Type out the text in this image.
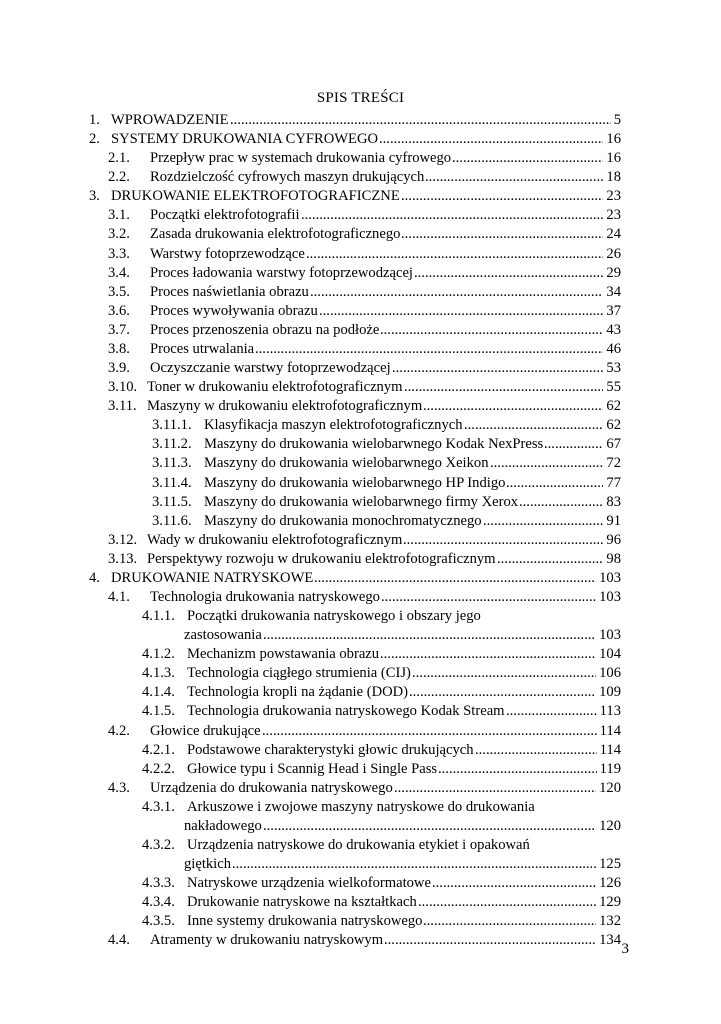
SPIS TREŚCI
1. WPROWADZENIE .....	5
2. SYSTEMY DRUKOWANIA CYFROWEGO .....	16
2.1. Przepływ prac w systemach drukowania cyfrowego .....	16
2.2. Rozdzielczość cyfrowych maszyn drukujących .....	18
3. DRUKOWANIE ELEKTROFOTOGRAFICZNE .....	23
3.1. Początki elektrofotografii .....	23
3.2. Zasada drukowania elektrofotograficznego .....	24
3.3. Warstwy fotoprzewodzące .....	26
3.4. Proces ładowania warstwy fotoprzewodzącej .....	29
3.5. Proces naświetlania obrazu .....	34
3.6. Proces wywoływania obrazu .....	37
3.7. Proces przenoszenia obrazu na podłoże .....	43
3.8. Proces utrwalania .....	46
3.9. Oczyszczanie warstwy fotoprzewodzącej .....	53
3.10. Toner w drukowaniu elektrofotograficznym .....	55
3.11. Maszyny w drukowaniu elektrofotograficznym .....	62
3.11.1. Klasyfikacja maszyn elektrofotograficznych .....	62
3.11.2. Maszyny do drukowania wielobarwnego Kodak NexPress .....	67
3.11.3. Maszyny do drukowania wielobarwnego Xeikon .....	72
3.11.4. Maszyny do drukowania wielobarwnego HP Indigo .....	77
3.11.5. Maszyny do drukowania wielobarwnego firmy Xerox .....	83
3.11.6. Maszyny do drukowania monochromatycznego .....	91
3.12. Wady w drukowaniu elektrofotograficznym .....	96
3.13. Perspektywy rozwoju w drukowaniu elektrofotograficznym .....	98
4. DRUKOWANIE NATRYSKOWE .....	103
4.1. Technologia drukowania natryskowego .....	103
4.1.1. Początki drukowania natryskowego i obszary jego
zastosowania .....	103
4.1.2. Mechanizm powstawania obrazu .....	104
4.1.3. Technologia ciągłego strumienia (CIJ) .....	106
4.1.4. Technologia kropli na żądanie (DOD) .....	109
4.1.5. Technologia drukowania natryskowego Kodak Stream .....	113
4.2. Głowice drukujące .....	114
4.2.1. Podstawowe charakterystyki głowic drukujących .....	114
4.2.2. Głowice typu i Scannig Head i Single Pass .....	119
4.3. Urządzenia do drukowania natryskowego .....	120
4.3.1. Arkuszowe i zwojowe maszyny natryskowe do drukowania
nakładowego .....	120
4.3.2. Urządzenia natryskowe do drukowania etykiet i opakowań
giętkich .....	125
4.3.3. Natryskowe urządzenia wielkoformatowe .....	126
4.3.4. Drukowanie natryskowe na kształtkach .....	129
4.3.5. Inne systemy drukowania natryskowego .....	132
4.4. Atramenty w drukowaniu natryskowym .....	134
3
